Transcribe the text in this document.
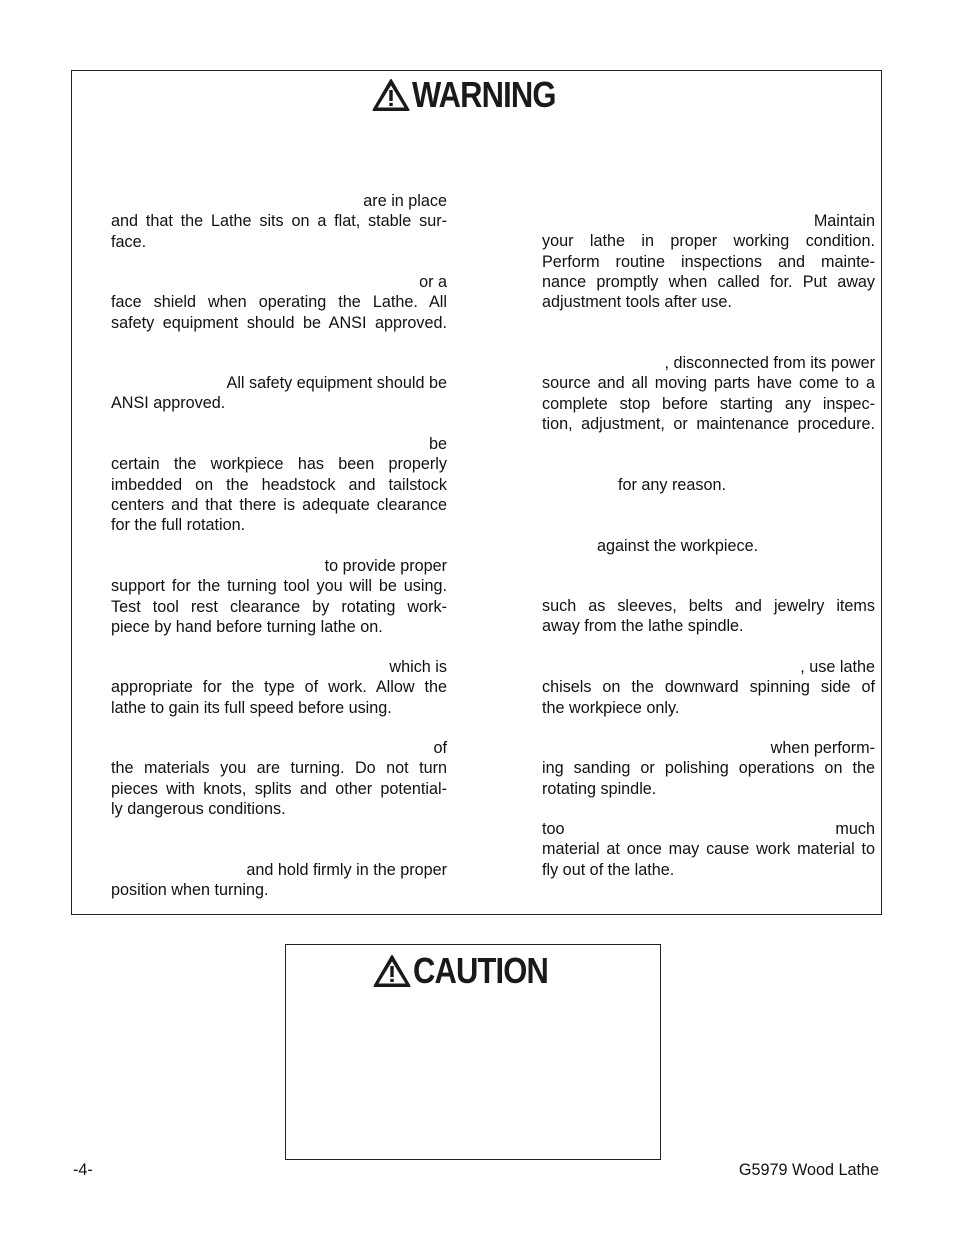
WARNING
CAUTION
are in place
and that the Lathe sits on a flat, stable sur-
face.
or a
face shield when operating the Lathe. All
safety equipment should be ANSI approved.
All safety equipment should be
ANSI approved.
be
certain the workpiece has been properly
imbedded on the headstock and tailstock
centers and that there is adequate clearance
for the full rotation.
to provide proper
support for the turning tool you will be using.
Test tool rest clearance by rotating work-
piece by hand before turning lathe on.
which is
appropriate for the type of work. Allow the
lathe to gain its full speed before using.
of
the materials you are turning. Do not turn
pieces with knots, splits and other potential-
ly dangerous conditions.
and hold firmly in the proper
position when turning.
Maintain
your lathe in proper working condition.
Perform routine inspections and mainte-
nance promptly when called for. Put away
adjustment tools after use.
, disconnected from its power
source and all moving parts have come to a
complete stop before starting any inspec-
tion, adjustment, or maintenance procedure.
for any reason.
against the workpiece.
such as sleeves, belts and jewelry items
away from the lathe spindle.
, use lathe
chisels on the downward spinning side of
the workpiece only.
when perform-
ing sanding or polishing operations on the
rotating spindle.
too much
material at once may cause work material to
fly out of the lathe.
-4-	G5979 Wood Lathe
